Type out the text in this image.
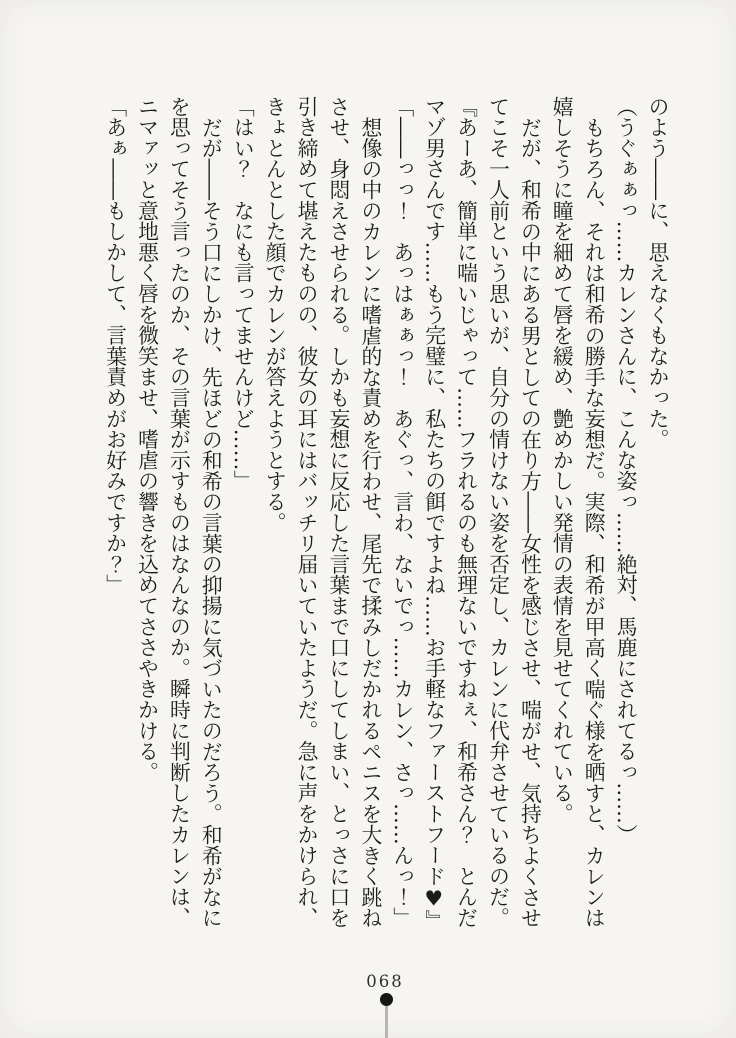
のよう――に、思えなくもなかった。

（うぐぁぁっ……カレンさんに、こんな姿っ……絶対、馬鹿にされてるっ……）

もちろん、それは和希の勝手な妄想だ。実際、和希が甲高く喘ぐ様を晒すと、カレンは嬉しそうに瞳を細めて唇を緩め、艶めかしい発情の表情を見せてくれている。

だが、和希の中にある男としての在り方――女性を感じさせ、喘がせ、気持ちよくさせてこそ一人前という思いが、自分の情けない姿を否定し、カレンに代弁させているのだ。

『あーあ、簡単に喘いじゃって……フラれるのも無理ないですねぇ、和希さん？　とんだマゾ男さんです……もう完璧に、私たちの餌ですよね……お手軽なファーストフード♥』

「――っっ！　あっはぁぁっ！　あぐっ、言わ、ないでっ……カレン、さっ……んっ！」

想像の中のカレンに嗜虐的な責めを行わせ、尾先で揉みしだかれるペニスを大きく跳ねさせ、身悶えさせられる。しかも妄想に反応した言葉まで口にしてしまい、とっさに口を引き締めて堪えたものの、彼女の耳にはバッチリ届いていたようだ。急に声をかけられ、きょとんとした顔でカレンが答えようとする。

「はい？　なにも言ってませんけど……」

だが――そう口にしかけ、先ほどの和希の言葉の抑揚に気づいたのだろう。和希がなにを思ってそう言ったのか、その言葉が示すものはなんなのか。瞬時に判断したカレンは、ニマァッと意地悪く唇を微笑ませ、嗜虐の響きを込めてささやきかける。

「あぁ――もしかして、言葉責めがお好みですか？」

068
